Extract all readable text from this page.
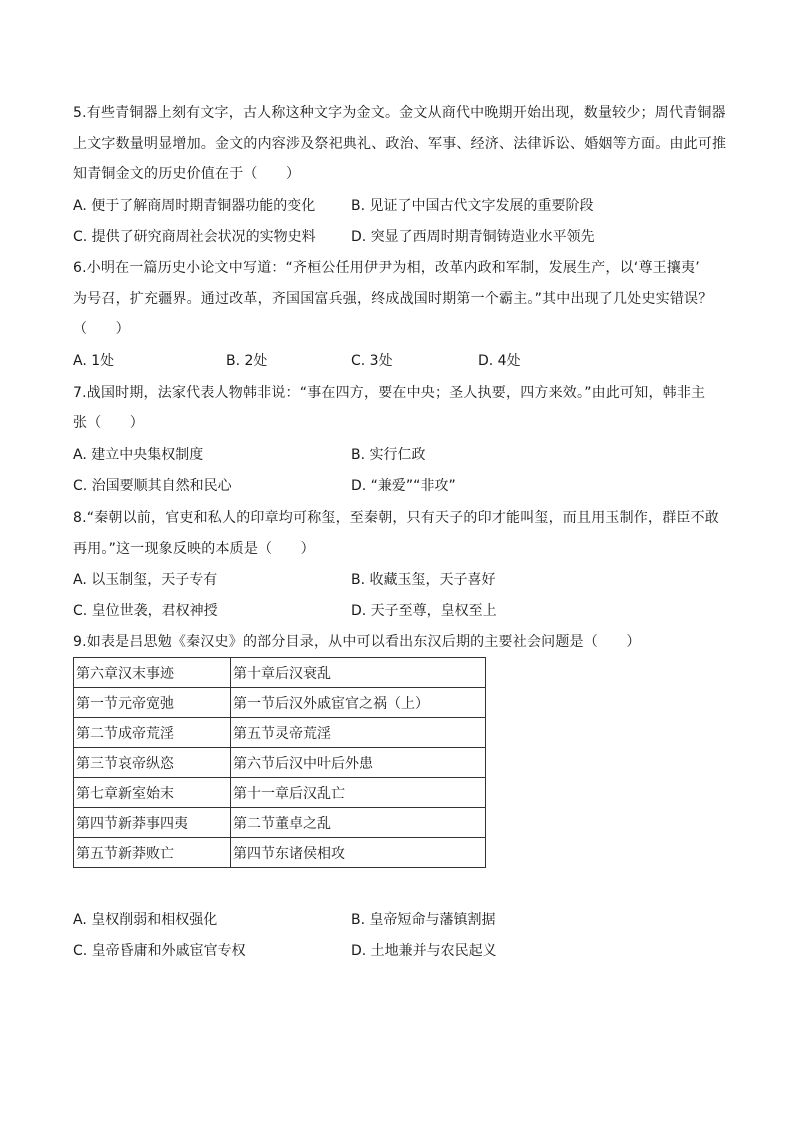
5.有些青铜器上刻有文字，古人称这种文字为金文。金文从商代中晚期开始出现，数量较少；周代青铜器
上文字数量明显增加。金文的内容涉及祭祀典礼、政治、军事、经济、法律诉讼、婚姻等方面。由此可推
知青铜金文的历史价值在于（　　）
A. 便于了解商周时期青铜器功能的变化	B. 见证了中国古代文字发展的重要阶段
C. 提供了研究商周社会状况的实物史料	D. 突显了西周时期青铜铸造业水平领先
6.小明在一篇历史小论文中写道：“齐桓公任用伊尹为相，改革内政和军制，发展生产，以‘尊王攘夷’
为号召，扩充疆界。通过改革，齐国国富兵强，终成战国时期第一个霸主。”其中出现了几处史实错误？
（　　）
A. 1处	B. 2处	C. 3处	D. 4处
7.战国时期，法家代表人物韩非说：“事在四方，要在中央；圣人执要，四方来效。”由此可知，韩非主
张（　　）
A. 建立中央集权制度	B. 实行仁政
C. 治国要顺其自然和民心	D. “兼爱”“非攻”
8.“秦朝以前，官吏和私人的印章均可称玺，至秦朝，只有天子的印才能叫玺，而且用玉制作，群臣不敢
再用。”这一现象反映的本质是（　　）
A. 以玉制玺，天子专有	B. 收藏玉玺，天子喜好
C. 皇位世袭，君权神授	D. 天子至尊，皇权至上
9.如表是吕思勉《秦汉史》的部分目录，从中可以看出东汉后期的主要社会问题是（　　）
第六章汉末事迹	第十章后汉衰乱
第一节元帝宽弛	第一节后汉外戚宦官之祸（上）
第二节成帝荒淫	第五节灵帝荒淫
第三节哀帝纵恣	第六节后汉中叶后外患
第七章新室始末	第十一章后汉乱亡
第四节新莽事四夷	第二节董卓之乱
第五节新莽败亡	第四节东诸侯相攻
A. 皇权削弱和相权强化	B. 皇帝短命与藩镇割据
C. 皇帝昏庸和外戚宦官专权	D. 土地兼并与农民起义
